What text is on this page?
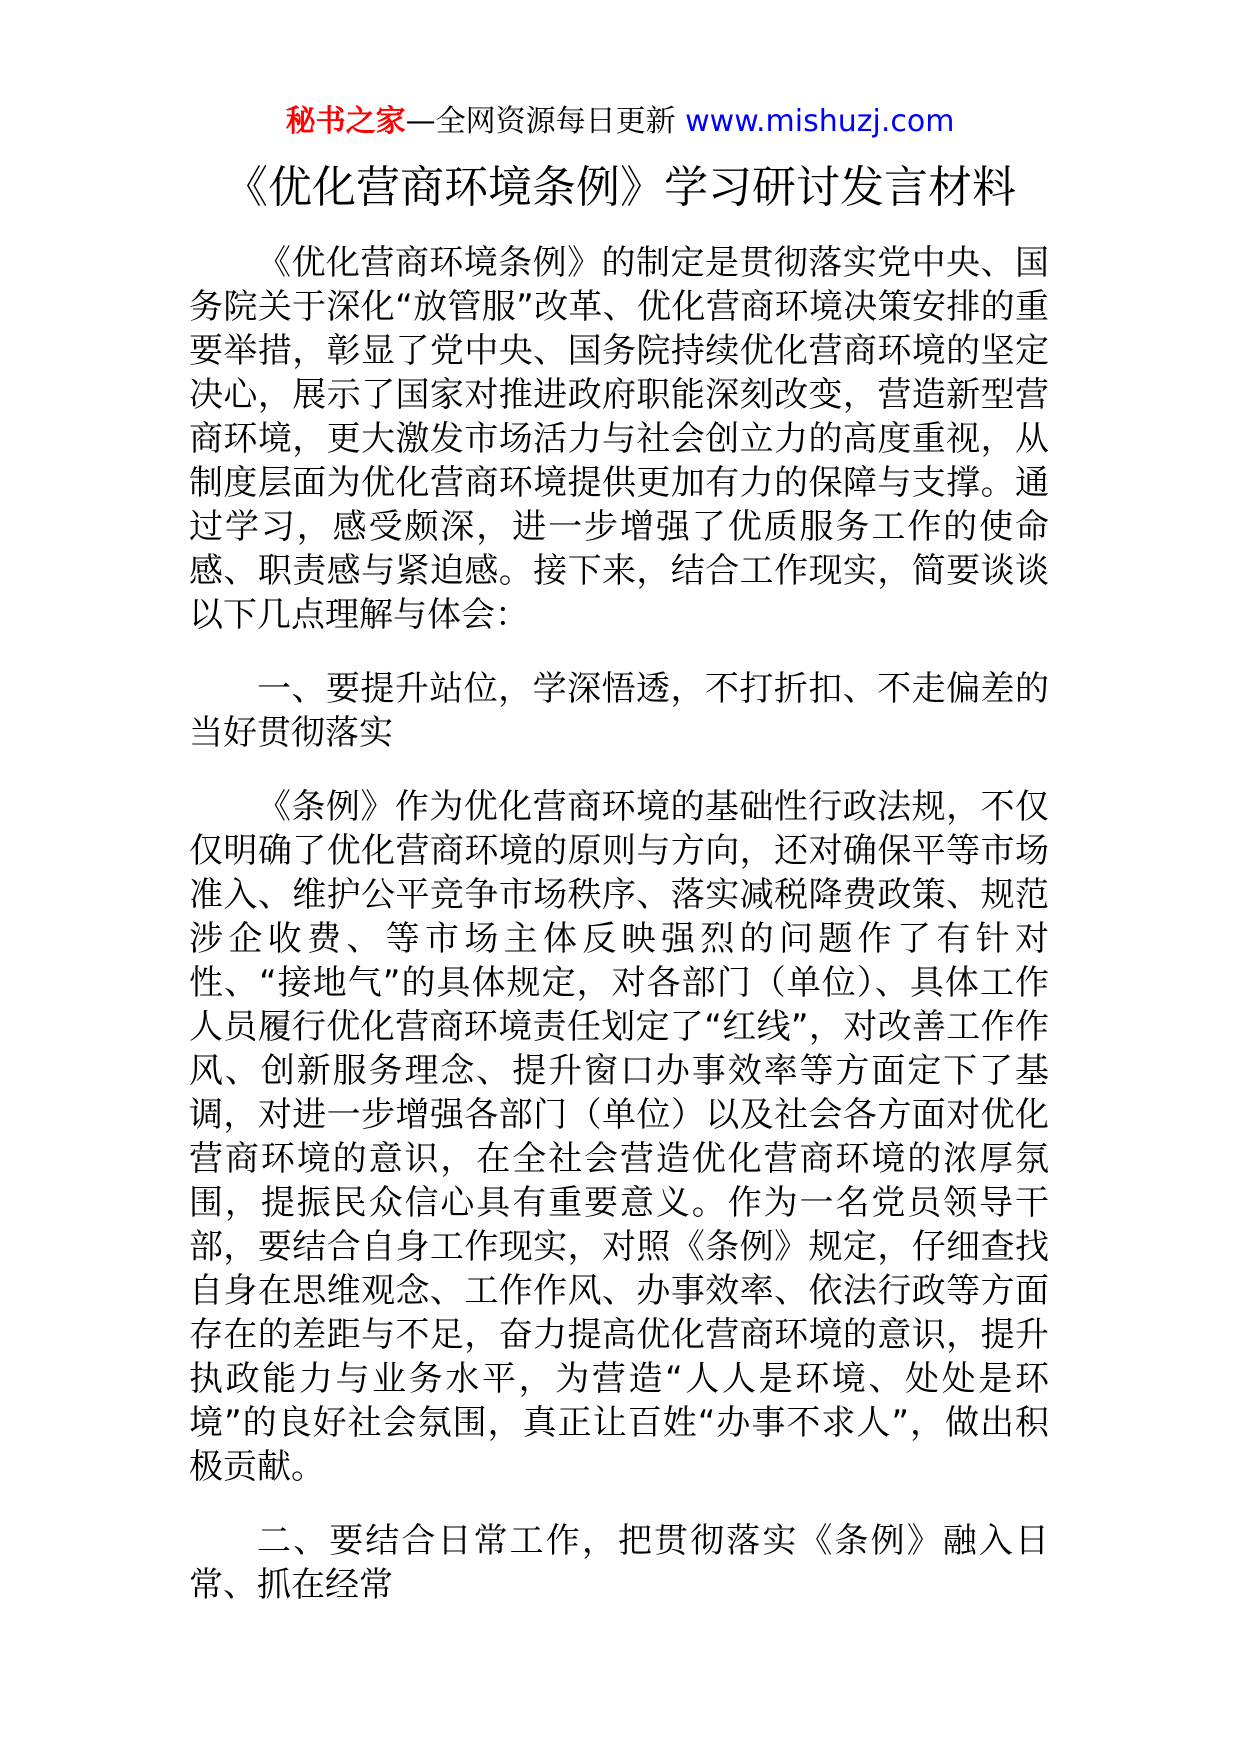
秘书之家—全网资源每日更新 www.mishuzj.com
《优化营商环境条例》学习研讨发言材料

《优化营商环境条例》的制定是贯彻落实党中央、国务院关于深化“放管服”改革、优化营商环境决策安排的重要举措，彰显了党中央、国务院持续优化营商环境的坚定决心，展示了国家对推进政府职能深刻改变，营造新型营商环境，更大激发市场活力与社会创立力的高度重视，从制度层面为优化营商环境提供更加有力的保障与支撑。通过学习，感受颇深，进一步增强了优质服务工作的使命感、职责感与紧迫感。接下来，结合工作现实，简要谈谈以下几点理解与体会：

一、要提升站位，学深悟透，不打折扣、不走偏差的当好贯彻落实

《条例》作为优化营商环境的基础性行政法规，不仅仅明确了优化营商环境的原则与方向，还对确保平等市场准入、维护公平竞争市场秩序、落实减税降费政策、规范涉企收费、等市场主体反映强烈的问题作了有针对性、“接地气”的具体规定，对各部门（单位）、具体工作人员履行优化营商环境责任划定了“红线”，对改善工作作风、创新服务理念、提升窗口办事效率等方面定下了基调，对进一步增强各部门（单位）以及社会各方面对优化营商环境的意识，在全社会营造优化营商环境的浓厚氛围，提振民众信心具有重要意义。作为一名党员领导干部，要结合自身工作现实，对照《条例》规定，仔细查找自身在思维观念、工作作风、办事效率、依法行政等方面存在的差距与不足，奋力提高优化营商环境的意识，提升执政能力与业务水平，为营造“人人是环境、处处是环境”的良好社会氛围，真正让百姓“办事不求人”，做出积极贡献。

二、要结合日常工作，把贯彻落实《条例》融入日常、抓在经常
